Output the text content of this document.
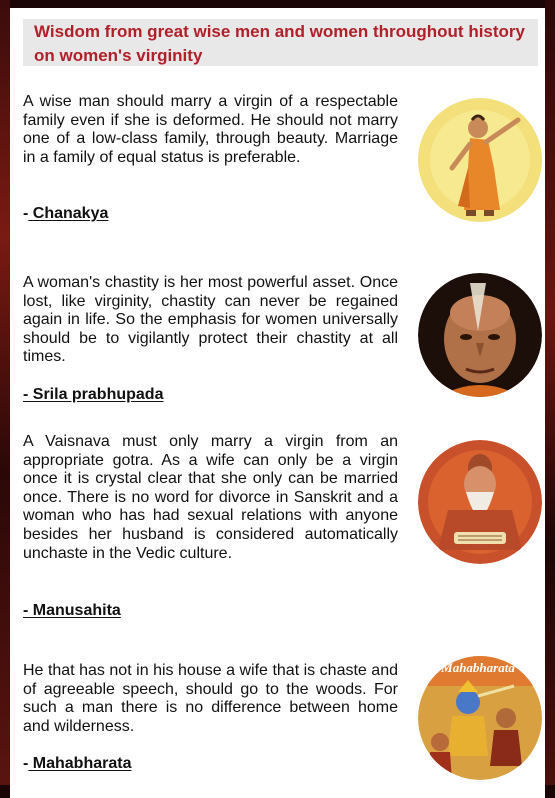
Wisdom from great wise men and women throughout history on women's virginity
A wise man should marry a virgin of a respectable family even if she is deformed. He should not marry one of a low-class family, through beauty. Marriage in a family of equal status is preferable.
- Chanakya
A woman's chastity is her most powerful asset. Once lost, like virginity, chastity can never be regained again in life. So the emphasis for women universally should be to vigilantly protect their chastity at all times.
- Srila prabhupada
A Vaisnava must only marry a virgin from an appropriate gotra. As a wife can only be a virgin once it is crystal clear that she only can be married once. There is no word for divorce in Sanskrit and a woman who has had sexual relations with anyone besides her husband is considered automatically unchaste in the Vedic culture.
- Manusahita
He that has not in his house a wife that is chaste and of agreeable speech, should go to the woods. For such a man there is no difference between home and wilderness.
- Mahabharata
Mahabharata
